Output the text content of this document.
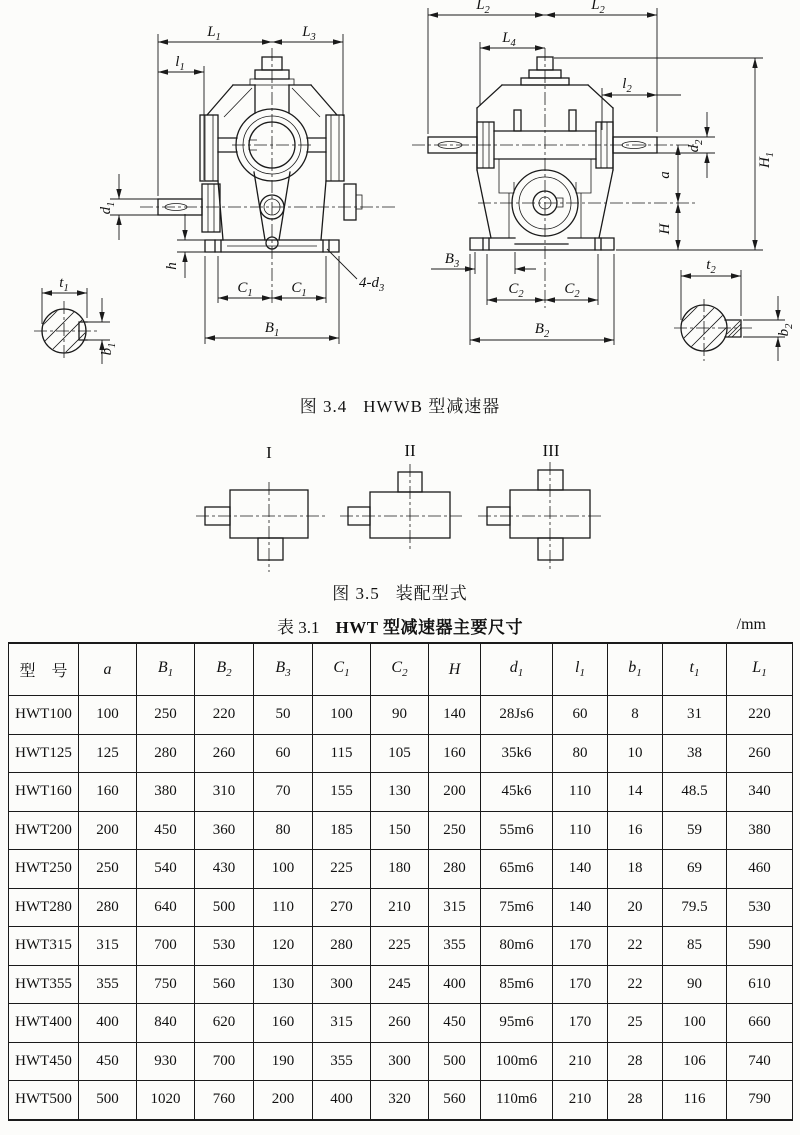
$L_1$	$L_3$
$l_1$
$d_1$
h
$C_1$	$C_1$
$B_1$
$4-d_3$
$t_1$
$b_1$
$L_2$	$L_2$
$L_4$
$l_2$
$H_1$
a
H
$d_2$
$B_3$
$C_2$	$C_2$
$B_2$
$t_2$
$b_2$
图 3.4 HWWB 型减速器
I	II	III
图 3.5 装配型式
表 3.1 HWT 型减速器主要尺寸	/mm
型　号	a	$B_1$	$B_2$	$B_3$	$C_1$	$C_2$	H	$d_1$	$l_1$	$b_1$	$t_1$	$L_1$
HWT100	100	250	220	50	100	90	140	28Js6	60	8	31	220
HWT125	125	280	260	60	115	105	160	35k6	80	10	38	260
HWT160	160	380	310	70	155	130	200	45k6	110	14	48.5	340
HWT200	200	450	360	80	185	150	250	55m6	110	16	59	380
HWT250	250	540	430	100	225	180	280	65m6	140	18	69	460
HWT280	280	640	500	110	270	210	315	75m6	140	20	79.5	530
HWT315	315	700	530	120	280	225	355	80m6	170	22	85	590
HWT355	355	750	560	130	300	245	400	85m6	170	22	90	610
HWT400	400	840	620	160	315	260	450	95m6	170	25	100	660
HWT450	450	930	700	190	355	300	500	100m6	210	28	106	740
HWT500	500	1020	760	200	400	320	560	110m6	210	28	116	790
